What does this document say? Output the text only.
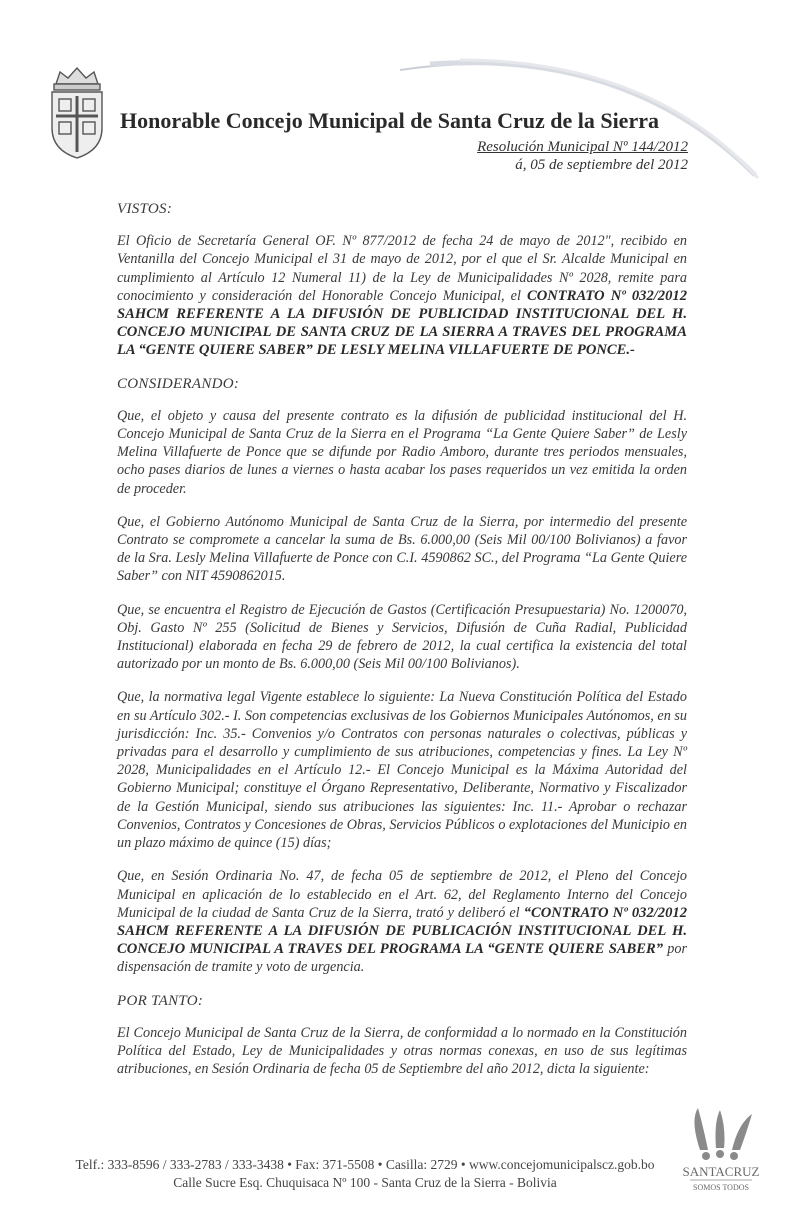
Honorable Concejo Municipal de Santa Cruz de la Sierra
Resolución Municipal Nº 144/2012
á, 05 de septiembre del 2012
VISTOS:

El Oficio de Secretaría General OF. Nº 877/2012 de fecha 24 de mayo de 2012", recibido en Ventanilla del Concejo Municipal el 31 de mayo de 2012, por el que el Sr. Alcalde Municipal en cumplimiento al Artículo 12 Numeral 11) de la Ley de Municipalidades Nº 2028, remite para conocimiento y consideración del Honorable Concejo Municipal, el CONTRATO Nº 032/2012 SAHCM REFERENTE A LA DIFUSIÓN DE PUBLICIDAD INSTITUCIONAL DEL H. CONCEJO MUNICIPAL DE SANTA CRUZ DE LA SIERRA A TRAVES DEL PROGRAMA LA “GENTE QUIERE SABER” DE LESLY MELINA VILLAFUERTE DE PONCE.-

CONSIDERANDO:

Que, el objeto y causa del presente contrato es la difusión de publicidad institucional del H. Concejo Municipal de Santa Cruz de la Sierra en el Programa “La Gente Quiere Saber” de Lesly Melina Villafuerte de Ponce que se difunde por Radio Amboro, durante tres periodos mensuales, ocho pases diarios de lunes a viernes o hasta acabar los pases requeridos un vez emitida la orden de proceder.

Que, el Gobierno Autónomo Municipal de Santa Cruz de la Sierra, por intermedio del presente Contrato se compromete a cancelar la suma de Bs. 6.000,00 (Seis Mil 00/100 Bolivianos) a favor de la Sra. Lesly Melina Villafuerte de Ponce con C.I. 4590862 SC., del Programa “La Gente Quiere Saber” con NIT 4590862015.

Que, se encuentra el Registro de Ejecución de Gastos (Certificación Presupuestaria) No. 1200070, Obj. Gasto Nº 255 (Solicitud de Bienes y Servicios, Difusión de Cuña Radial, Publicidad Institucional) elaborada en fecha 29 de febrero de 2012, la cual certifica la existencia del total autorizado por un monto de Bs. 6.000,00 (Seis Mil 00/100 Bolivianos).

Que, la normativa legal Vigente establece lo siguiente: La Nueva Constitución Política del Estado en su Artículo 302.- I. Son competencias exclusivas de los Gobiernos Municipales Autónomos, en su jurisdicción: Inc. 35.- Convenios y/o Contratos con personas naturales o colectivas, públicas y privadas para el desarrollo y cumplimiento de sus atribuciones, competencias y fines. La Ley Nº 2028, Municipalidades en el Artículo 12.- El Concejo Municipal es la Máxima Autoridad del Gobierno Municipal; constituye el Órgano Representativo, Deliberante, Normativo y Fiscalizador de la Gestión Municipal, siendo sus atribuciones las siguientes: Inc. 11.- Aprobar o rechazar Convenios, Contratos y Concesiones de Obras, Servicios Públicos o explotaciones del Municipio en un plazo máximo de quince (15) días;

Que, en Sesión Ordinaria No. 47, de fecha 05 de septiembre de 2012, el Pleno del Concejo Municipal en aplicación de lo establecido en el Art. 62, del Reglamento Interno del Concejo Municipal de la ciudad de Santa Cruz de la Sierra, trató y deliberó el “CONTRATO Nº 032/2012 SAHCM REFERENTE A LA DIFUSIÓN DE PUBLICACIÓN INSTITUCIONAL DEL H. CONCEJO MUNICIPAL A TRAVES DEL PROGRAMA LA “GENTE QUIERE SABER” por dispensación de tramite y voto de urgencia.

POR TANTO:

El Concejo Municipal de Santa Cruz de la Sierra, de conformidad a lo normado en la Constitución Política del Estado, Ley de Municipalidades y otras normas conexas, en uso de sus legítimas atribuciones, en Sesión Ordinaria de fecha 05 de Septiembre del año 2012, dicta la siguiente:

Telf.: 333-8596 / 333-2783 / 333-3438 • Fax: 371-5508 • Casilla: 2729 • www.concejomunicipalscz.gob.bo
Calle Sucre Esq. Chuquisaca Nº 100 - Santa Cruz de la Sierra - Bolivia
SANTACRUZ
SOMOS TODOS
